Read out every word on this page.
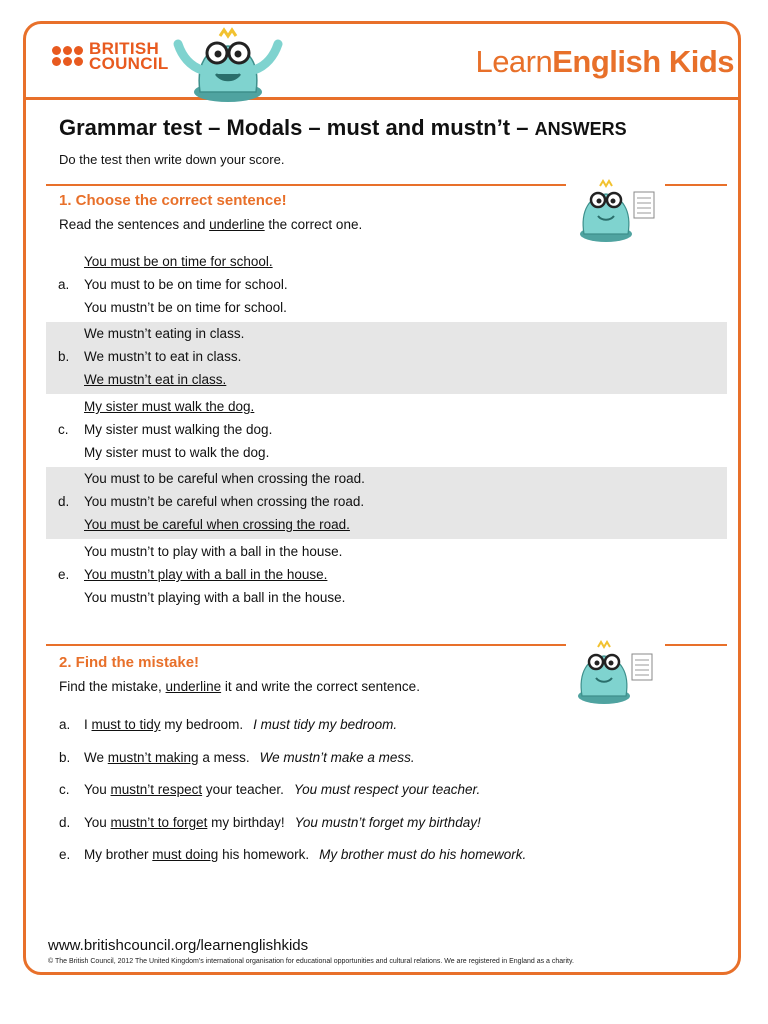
BRITISH
COUNCIL	LearnEnglish Kids
Grammar test – Modals – must and mustn’t – ANSWERS
Do the test then write down your score.
1. Choose the correct sentence!
Read the sentences and underline the correct one.
a.
You must be on time for school.
You must to be on time for school.
You mustn’t be on time for school.
b.
We mustn’t eating in class.
We mustn’t to eat in class.
We mustn’t eat in class.
c.
My sister must walk the dog.
My sister must walking the dog.
My sister must to walk the dog.
d.
You must to be careful when crossing the road.
You mustn’t be careful when crossing the road.
You must be careful when crossing the road.
e.
You mustn’t to play with a ball in the house.
You mustn’t play with a ball in the house.
You mustn’t playing with a ball in the house.
2. Find the mistake!
Find the mistake, underline it and write the correct sentence.
a. I must to tidy my bedroom. I must tidy my bedroom.
b. We mustn’t making a mess. We mustn’t make a mess.
c. You mustn’t respect your teacher. You must respect your teacher.
d. You mustn’t to forget my birthday! You mustn’t forget my birthday!
e. My brother must doing his homework. My brother must do his homework.
www.britishcouncil.org/learnenglishkids
© The British Council, 2012 The United Kingdom’s international organisation for educational opportunities and cultural relations. We are registered in England as a charity.
